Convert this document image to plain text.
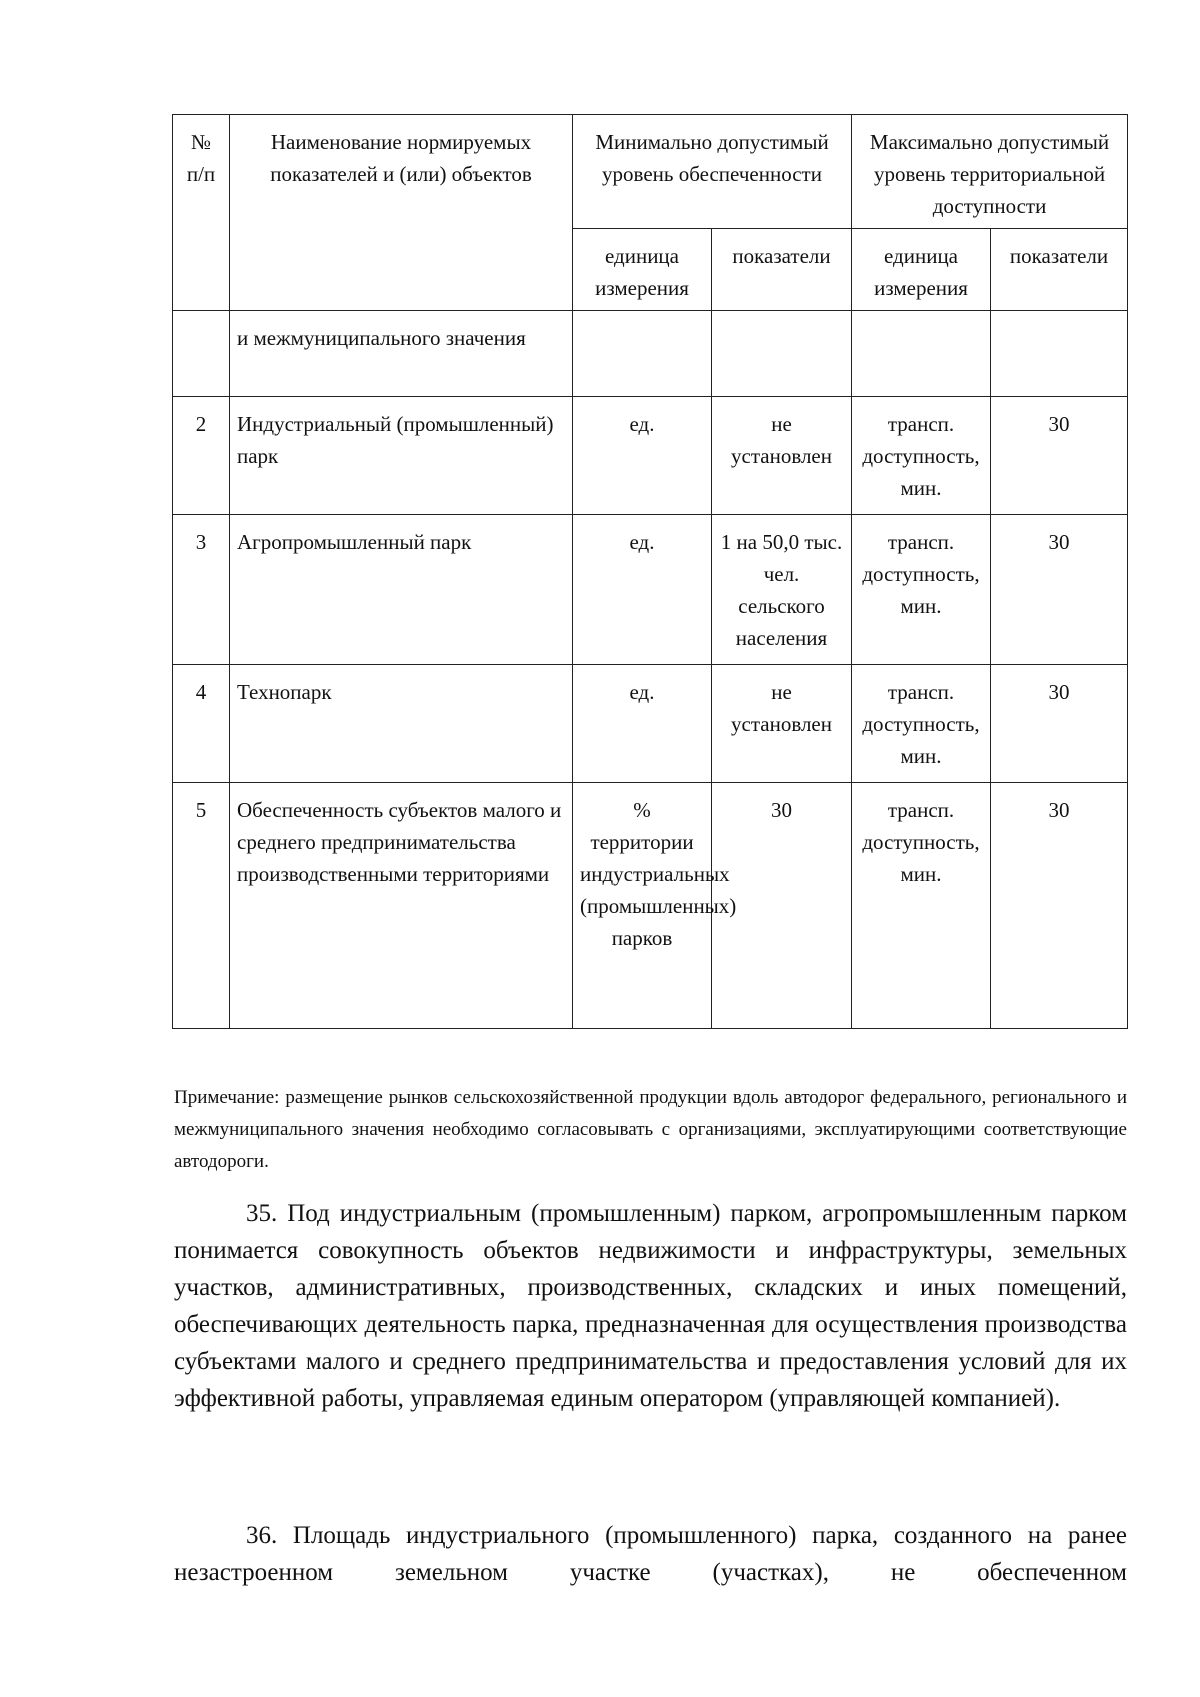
№ п/п	Наименование нормируемых показателей и (или) объектов	Минимально допустимый уровень обеспеченности		Максимально допустимый уровень территориальной доступности	
		единица измерения	показатели	единица измерения	показатели
	и межмуниципального значения				
2	Индустриальный (промышленный) парк	ед.	не установлен	трансп. доступность, мин.	30
3	Агропромышленный парк	ед.	1 на 50,0 тыс. чел. сельского населения	трансп. доступность, мин.	30
4	Технопарк	ед.	не установлен	трансп. доступность, мин.	30
5	Обеспеченность субъектов малого и среднего предпринимательства производственными территориями	% территории индустриальных (промышленных) парков	30	трансп. доступность, мин.	30
Примечание: размещение рынков сельскохозяйственной продукции вдоль автодорог федерального, регионального и межмуниципального значения необходимо согласовывать с организациями, эксплуатирующими соответствующие автодороги.
35. Под индустриальным (промышленным) парком, агропромышленным парком понимается совокупность объектов недвижимости и инфраструктуры, земельных участков, административных, производственных, складских и иных помещений, обеспечивающих деятельность парка, предназначенная для осуществления производства субъектами малого и среднего предпринимательства и предоставления условий для их эффективной работы, управляемая единым оператором (управляющей компанией).
36. Площадь индустриального (промышленного) парка, созданного на ранее незастроенном земельном участке (участках), не обеспеченном
